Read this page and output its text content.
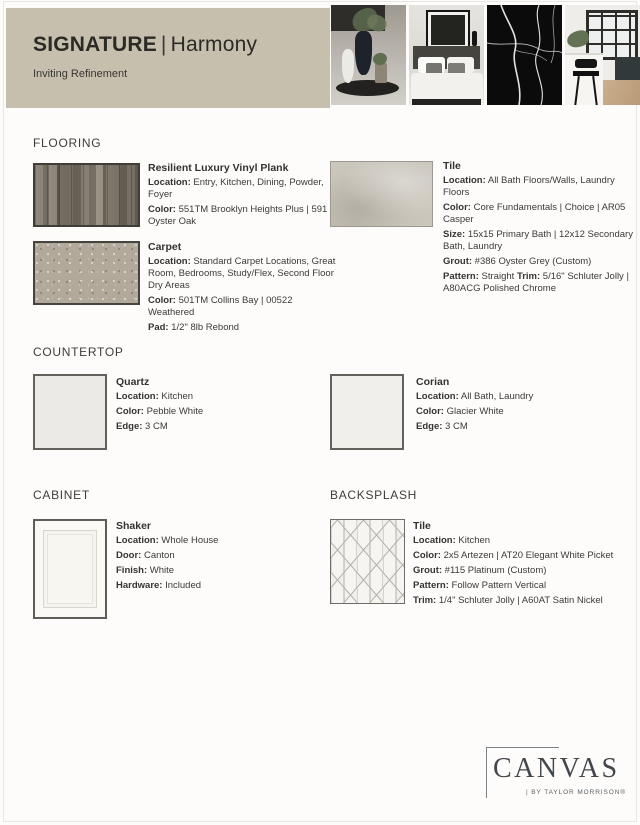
SIGNATURE | Harmony
Inviting Refinement
FLOORING
COUNTERTOP
CABINET	BACKSPLASH

Resilient Luxury Vinyl Plank

Location: Entry, Kitchen, Dining, Powder, Foyer

Color: 551TM Brooklyn Heights Plus | 591 Oyster Oak

Tile

Location: All Bath Floors/Walls, Laundry Floors

Color: Core Fundamentals | Choice | AR05 Casper

Size: 15x15 Primary Bath | 12x12 Secondary Bath, Laundry

Grout: #386 Oyster Grey (Custom)

Pattern: Straight Trim: 5/16" Schluter Jolly | A80ACG Polished Chrome

Carpet

Location: Standard Carpet Locations, Great Room, Bedrooms, Study/Flex, Second Floor Dry Areas

Color: 501TM Collins Bay | 00522 Weathered

Pad: 1/2" 8lb Rebond

Quartz

Location: Kitchen

Color: Pebble White

Edge: 3 CM

Corian

Location: All Bath, Laundry

Color: Glacier White

Edge: 3 CM

Shaker

Location: Whole House

Door: Canton

Finish: White

Hardware: Included

Tile

Location: Kitchen

Color: 2x5 Artezen | AT20 Elegant White Picket

Grout: #115 Platinum (Custom)

Pattern: Follow Pattern Vertical

Trim: 1/4" Schluter Jolly | A60AT Satin Nickel

CANVAS
| BY TAYLOR MORRISON®
